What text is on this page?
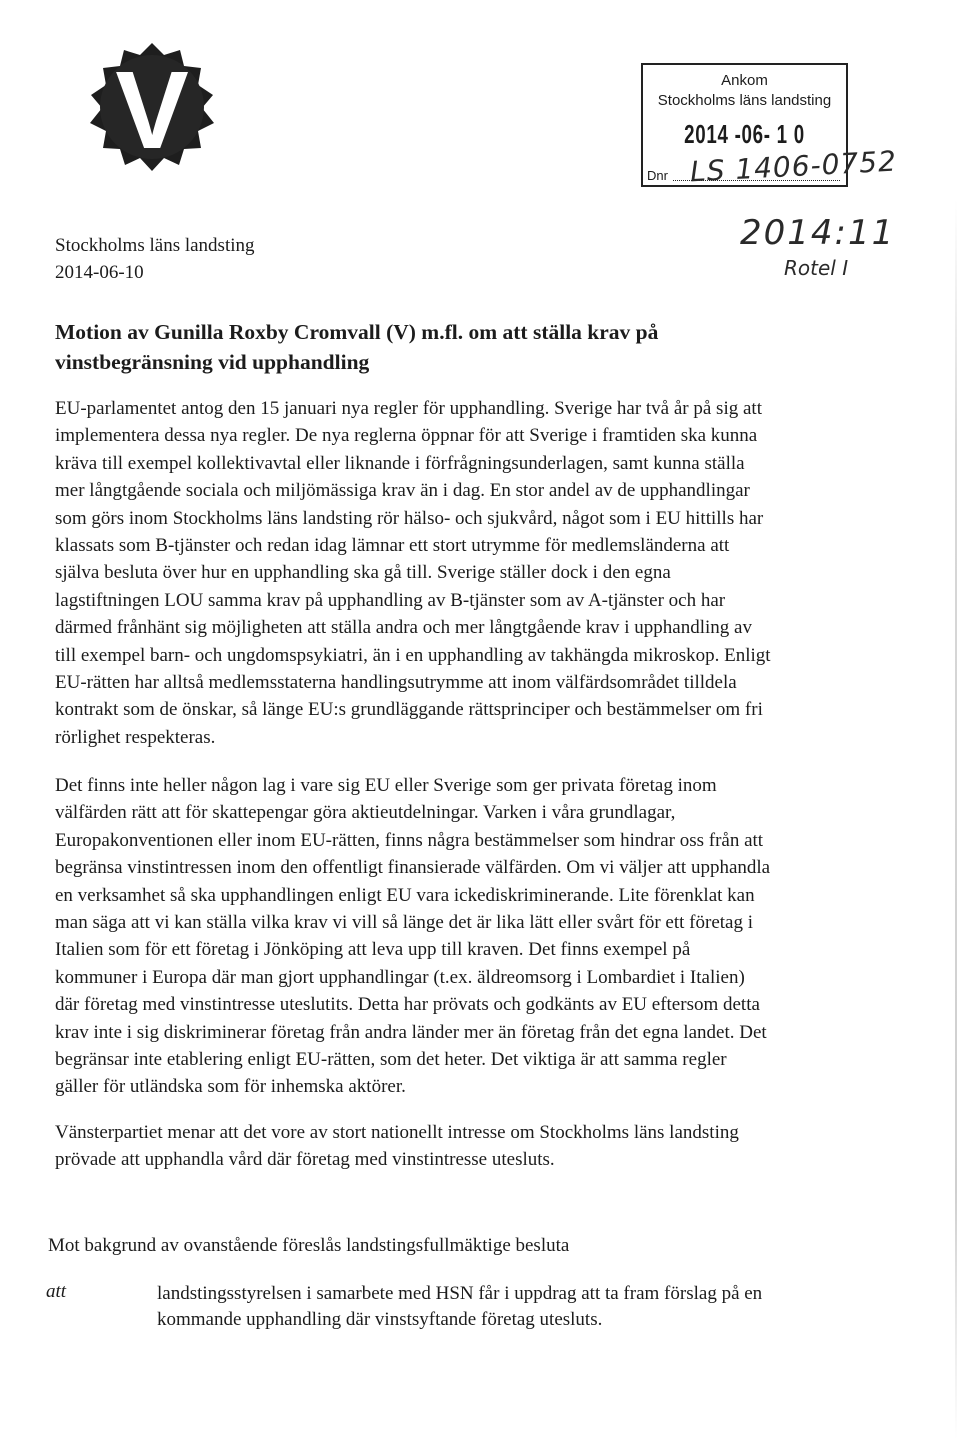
V	Ankom
Stockholms läns landsting
2014 -06- 1 0
Dnr LS 1406-0752
2014:11
Rotel I
Stockholms läns landsting
2014-06-10
Motion av Gunilla Roxby Cromvall (V) m.fl. om att ställa krav på
vinstbegränsning vid upphandling
EU-parlamentet antog den 15 januari nya regler för upphandling. Sverige har två år på sig att
implementera dessa nya regler. De nya reglerna öppnar för att Sverige i framtiden ska kunna
kräva till exempel kollektivavtal eller liknande i förfrågningsunderlagen, samt kunna ställa
mer långtgående sociala och miljömässiga krav än i dag. En stor andel av de upphandlingar
som görs inom Stockholms läns landsting rör hälso- och sjukvård, något som i EU hittills har
klassats som B-tjänster och redan idag lämnar ett stort utrymme för medlemsländerna att
själva besluta över hur en upphandling ska gå till. Sverige ställer dock i den egna
lagstiftningen LOU samma krav på upphandling av B-tjänster som av A-tjänster och har
därmed frånhänt sig möjligheten att ställa andra och mer långtgående krav i upphandling av
till exempel barn- och ungdomspsykiatri, än i en upphandling av takhängda mikroskop. Enligt
EU-rätten har alltså medlemsstaterna handlingsutrymme att inom välfärdsområdet tilldela
kontrakt som de önskar, så länge EU:s grundläggande rättsprinciper och bestämmelser om fri
rörlighet respekteras.
Det finns inte heller någon lag i vare sig EU eller Sverige som ger privata företag inom
välfärden rätt att för skattepengar göra aktieutdelningar. Varken i våra grundlagar,
Europakonventionen eller inom EU-rätten, finns några bestämmelser som hindrar oss från att
begränsa vinstintressen inom den offentligt finansierade välfärden. Om vi väljer att upphandla
en verksamhet så ska upphandlingen enligt EU vara ickediskriminerande. Lite förenklat kan
man säga att vi kan ställa vilka krav vi vill så länge det är lika lätt eller svårt för ett företag i
Italien som för ett företag i Jönköping att leva upp till kraven. Det finns exempel på
kommuner i Europa där man gjort upphandlingar (t.ex. äldreomsorg i Lombardiet i Italien)
där företag med vinstintresse uteslutits. Detta har prövats och godkänts av EU eftersom detta
krav inte i sig diskriminerar företag från andra länder mer än företag från det egna landet. Det
begränsar inte etablering enligt EU-rätten, som det heter. Det viktiga är att samma regler
gäller för utländska som för inhemska aktörer.
Vänsterpartiet menar att det vore av stort nationellt intresse om Stockholms läns landsting
prövade att upphandla vård där företag med vinstintresse utesluts.
Mot bakgrund av ovanstående föreslås landstingsfullmäktige besluta
att	landstingsstyrelsen i samarbete med HSN får i uppdrag att ta fram förslag på en
kommande upphandling där vinstsyftande företag utesluts.
